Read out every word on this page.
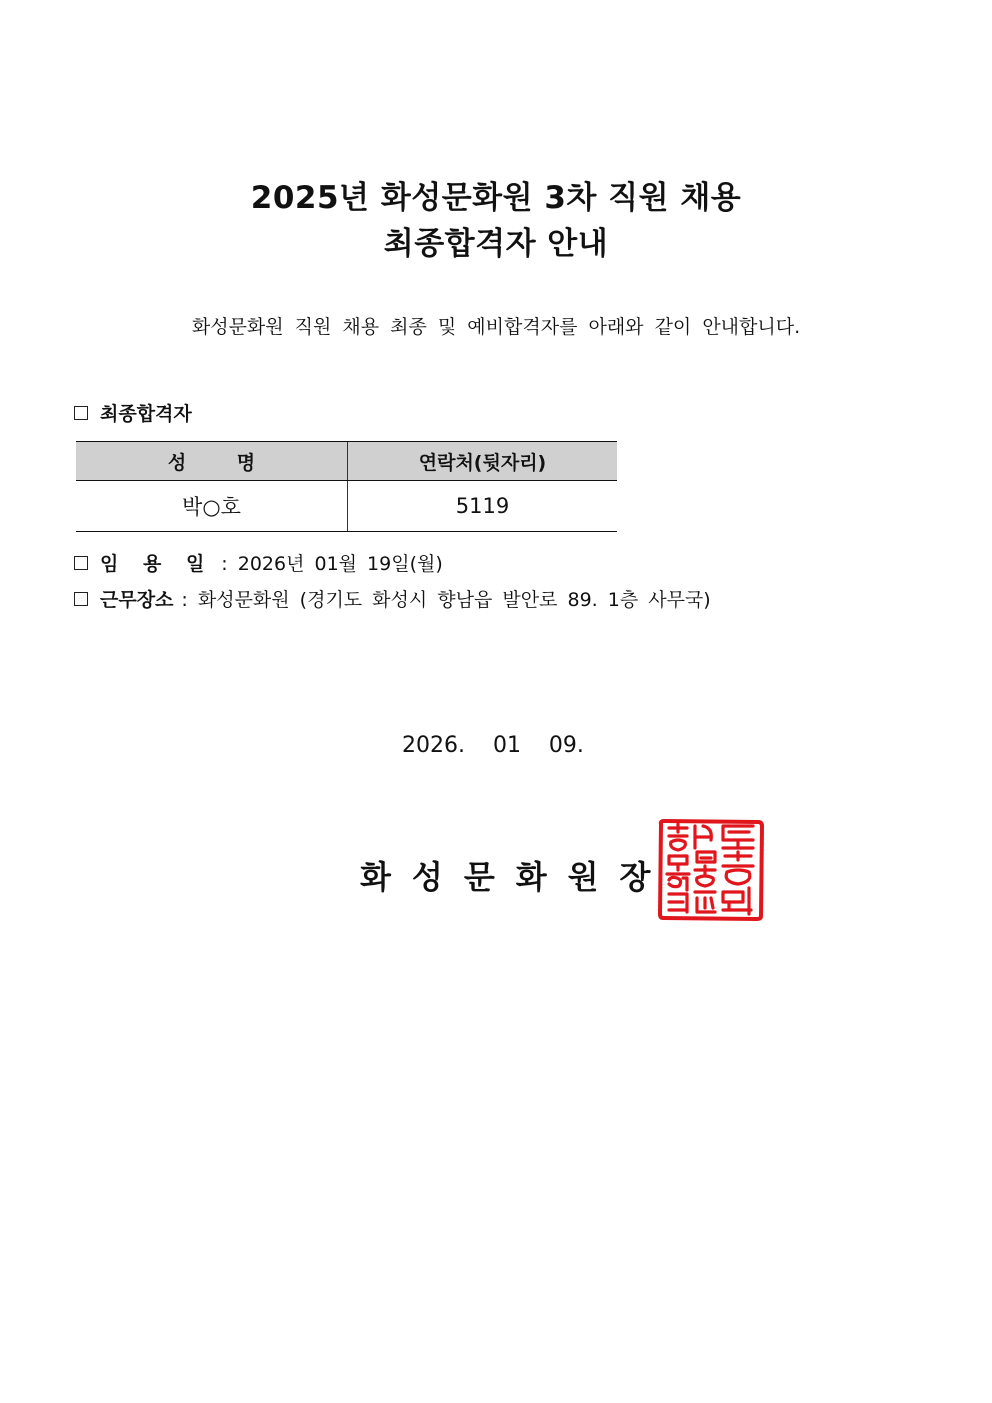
2025년 화성문화원 3차 직원 채용
최종합격자 안내
화성문화원 직원 채용 최종 및 예비합격자를 아래와 같이 안내합니다.
최종합격자
성 명	연락처(뒷자리)
박○호	5119
임 용 일 : 2026년 01월 19일(월)
근무장소 : 화성문화원 (경기도 화성시 향남읍 발안로 89. 1층 사무국)
2026.    01    09.
화성문화원장
